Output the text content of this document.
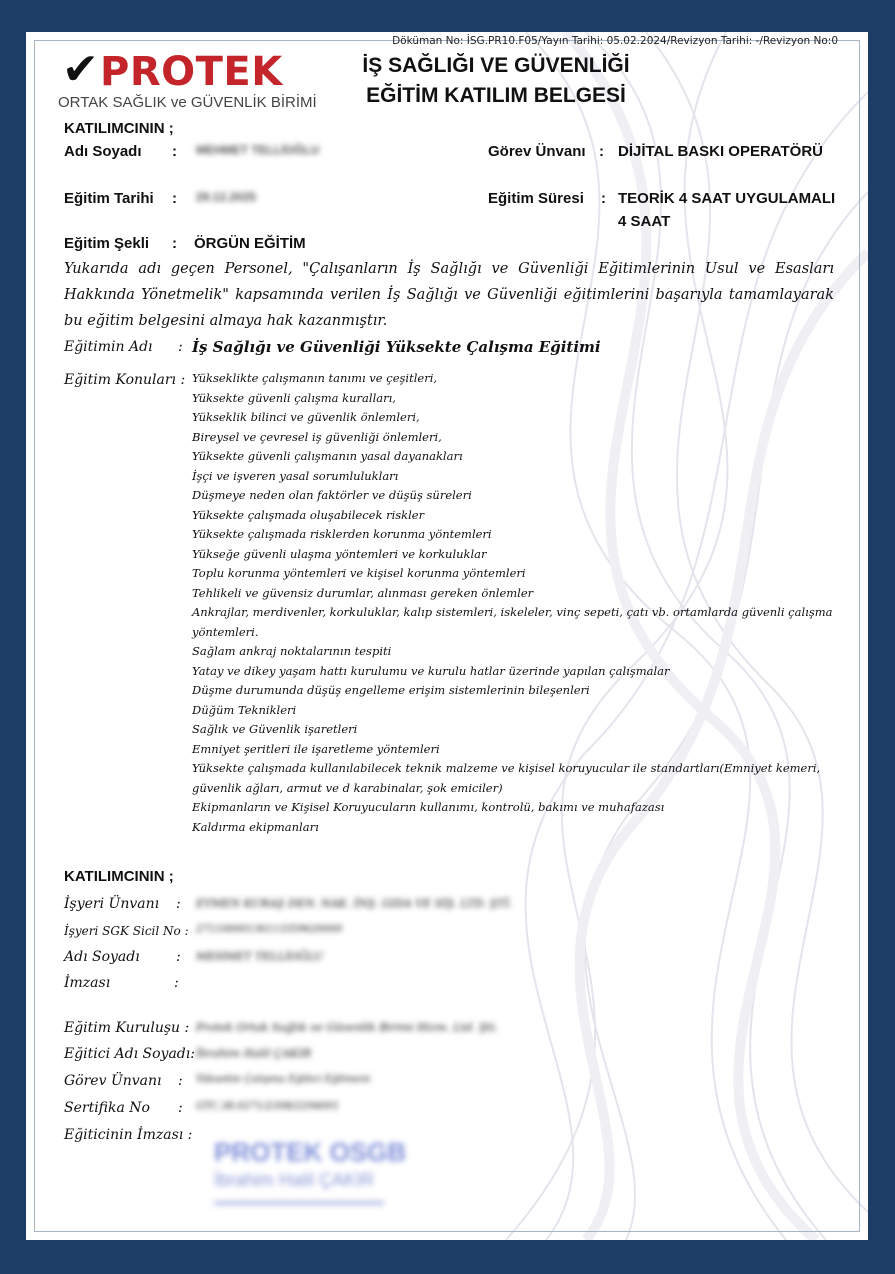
Döküman No: İSG.PR10.F05/Yayın Tarihi: 05.02.2024/Revizyon Tarihi: -/Revizyon No:0
✔ PROTEK
ORTAK SAĞLIK ve GÜVENLİK BİRİMİ
İŞ SAĞLIĞI VE GÜVENLİĞİ
EĞİTİM KATILIM BELGESİ
KATILIMCININ ;
Adı Soyadı : MEHMET TELLİOĞLU	Görev Ünvanı : DİJİTAL BASKI OPERATÖRÜ
Eğitim Tarihi : 29.12.2025	Eğitim Süresi : TEORİK 4 SAAT UYGULAMALI
4 SAAT
Eğitim Şekli : ÖRGÜN EĞİTİM
Yukarıda adı geçen Personel, "Çalışanların İş Sağlığı ve Güvenliği Eğitimlerinin Usul ve Esasları Hakkında Yönetmelik" kapsamında verilen İş Sağlığı ve Güvenliği eğitimlerini başarıyla tamamlayarak bu eğitim belgesini almaya hak kazanmıştır.
Eğitimin Adı : İş Sağlığı ve Güvenliği Yüksekte Çalışma Eğitimi
Eğitim Konuları : Yükseklikte çalışmanın tanımı ve çeşitleri,
Yüksekte güvenli çalışma kuralları,
Yükseklik bilinci ve güvenlik önlemleri,
Bireysel ve çevresel iş güvenliği önlemleri,
Yüksekte güvenli çalışmanın yasal dayanakları
İşçi ve işveren yasal sorumlulukları
Düşmeye neden olan faktörler ve düşüş süreleri
Yüksekte çalışmada oluşabilecek riskler
Yüksekte çalışmada risklerden korunma yöntemleri
Yükseğe güvenli ulaşma yöntemleri ve korkuluklar
Toplu korunma yöntemleri ve kişisel korunma yöntemleri
Tehlikeli ve güvensiz durumlar, alınması gereken önlemler
Ankrajlar, merdivenler, korkuluklar, kalıp sistemleri, iskeleler, vinç sepeti, çatı vb. ortamlarda güvenli çalışma yöntemleri.
Sağlam ankraj noktalarının tespiti
Yatay ve dikey yaşam hattı kurulumu ve kurulu hatlar üzerinde yapılan çalışmalar
Düşme durumunda düşüş engelleme erişim sistemlerinin bileşenleri
Düğüm Teknikleri
Sağlık ve Güvenlik işaretleri
Emniyet şeritleri ile işaretleme yöntemleri
Yüksekte çalışmada kullanılabilecek teknik malzeme ve kişisel koruyucular ile standartları(Emniyet kemeri, güvenlik ağları, armut ve d karabinalar, şok emiciler)
Ekipmanların ve Kişisel Koruyucuların kullanımı, kontrolü, bakımı ve muhafazası
Kaldırma ekipmanları
KATILIMCININ ;
İşyeri Ünvanı : EYMEN KURAŞ DEN. NAK. İNŞ. GIDA VE SİŞ. LTD. ŞTİ.
İşyeri SGK Sicil No : 27110000136113359620000
Adı Soyadı	: MEHMET TELLİOĞLU
İmzası	:
Eğitim Kuruluşu : Protek Ortak Sağlık ve Güvenlik Birimi Hizm. Ltd. Şti.
Eğitici Adı Soyadı: İbrahim Halil ÇAKIR
Görev Ünvanı : Yüksekte Çalışma Eğitici Eğitmeni
Sertifika No : GTC.38.0271/2308/2294001
Eğiticinin İmzası :
PROTEK OSGB
İbrahim Halil ÇAKIR
